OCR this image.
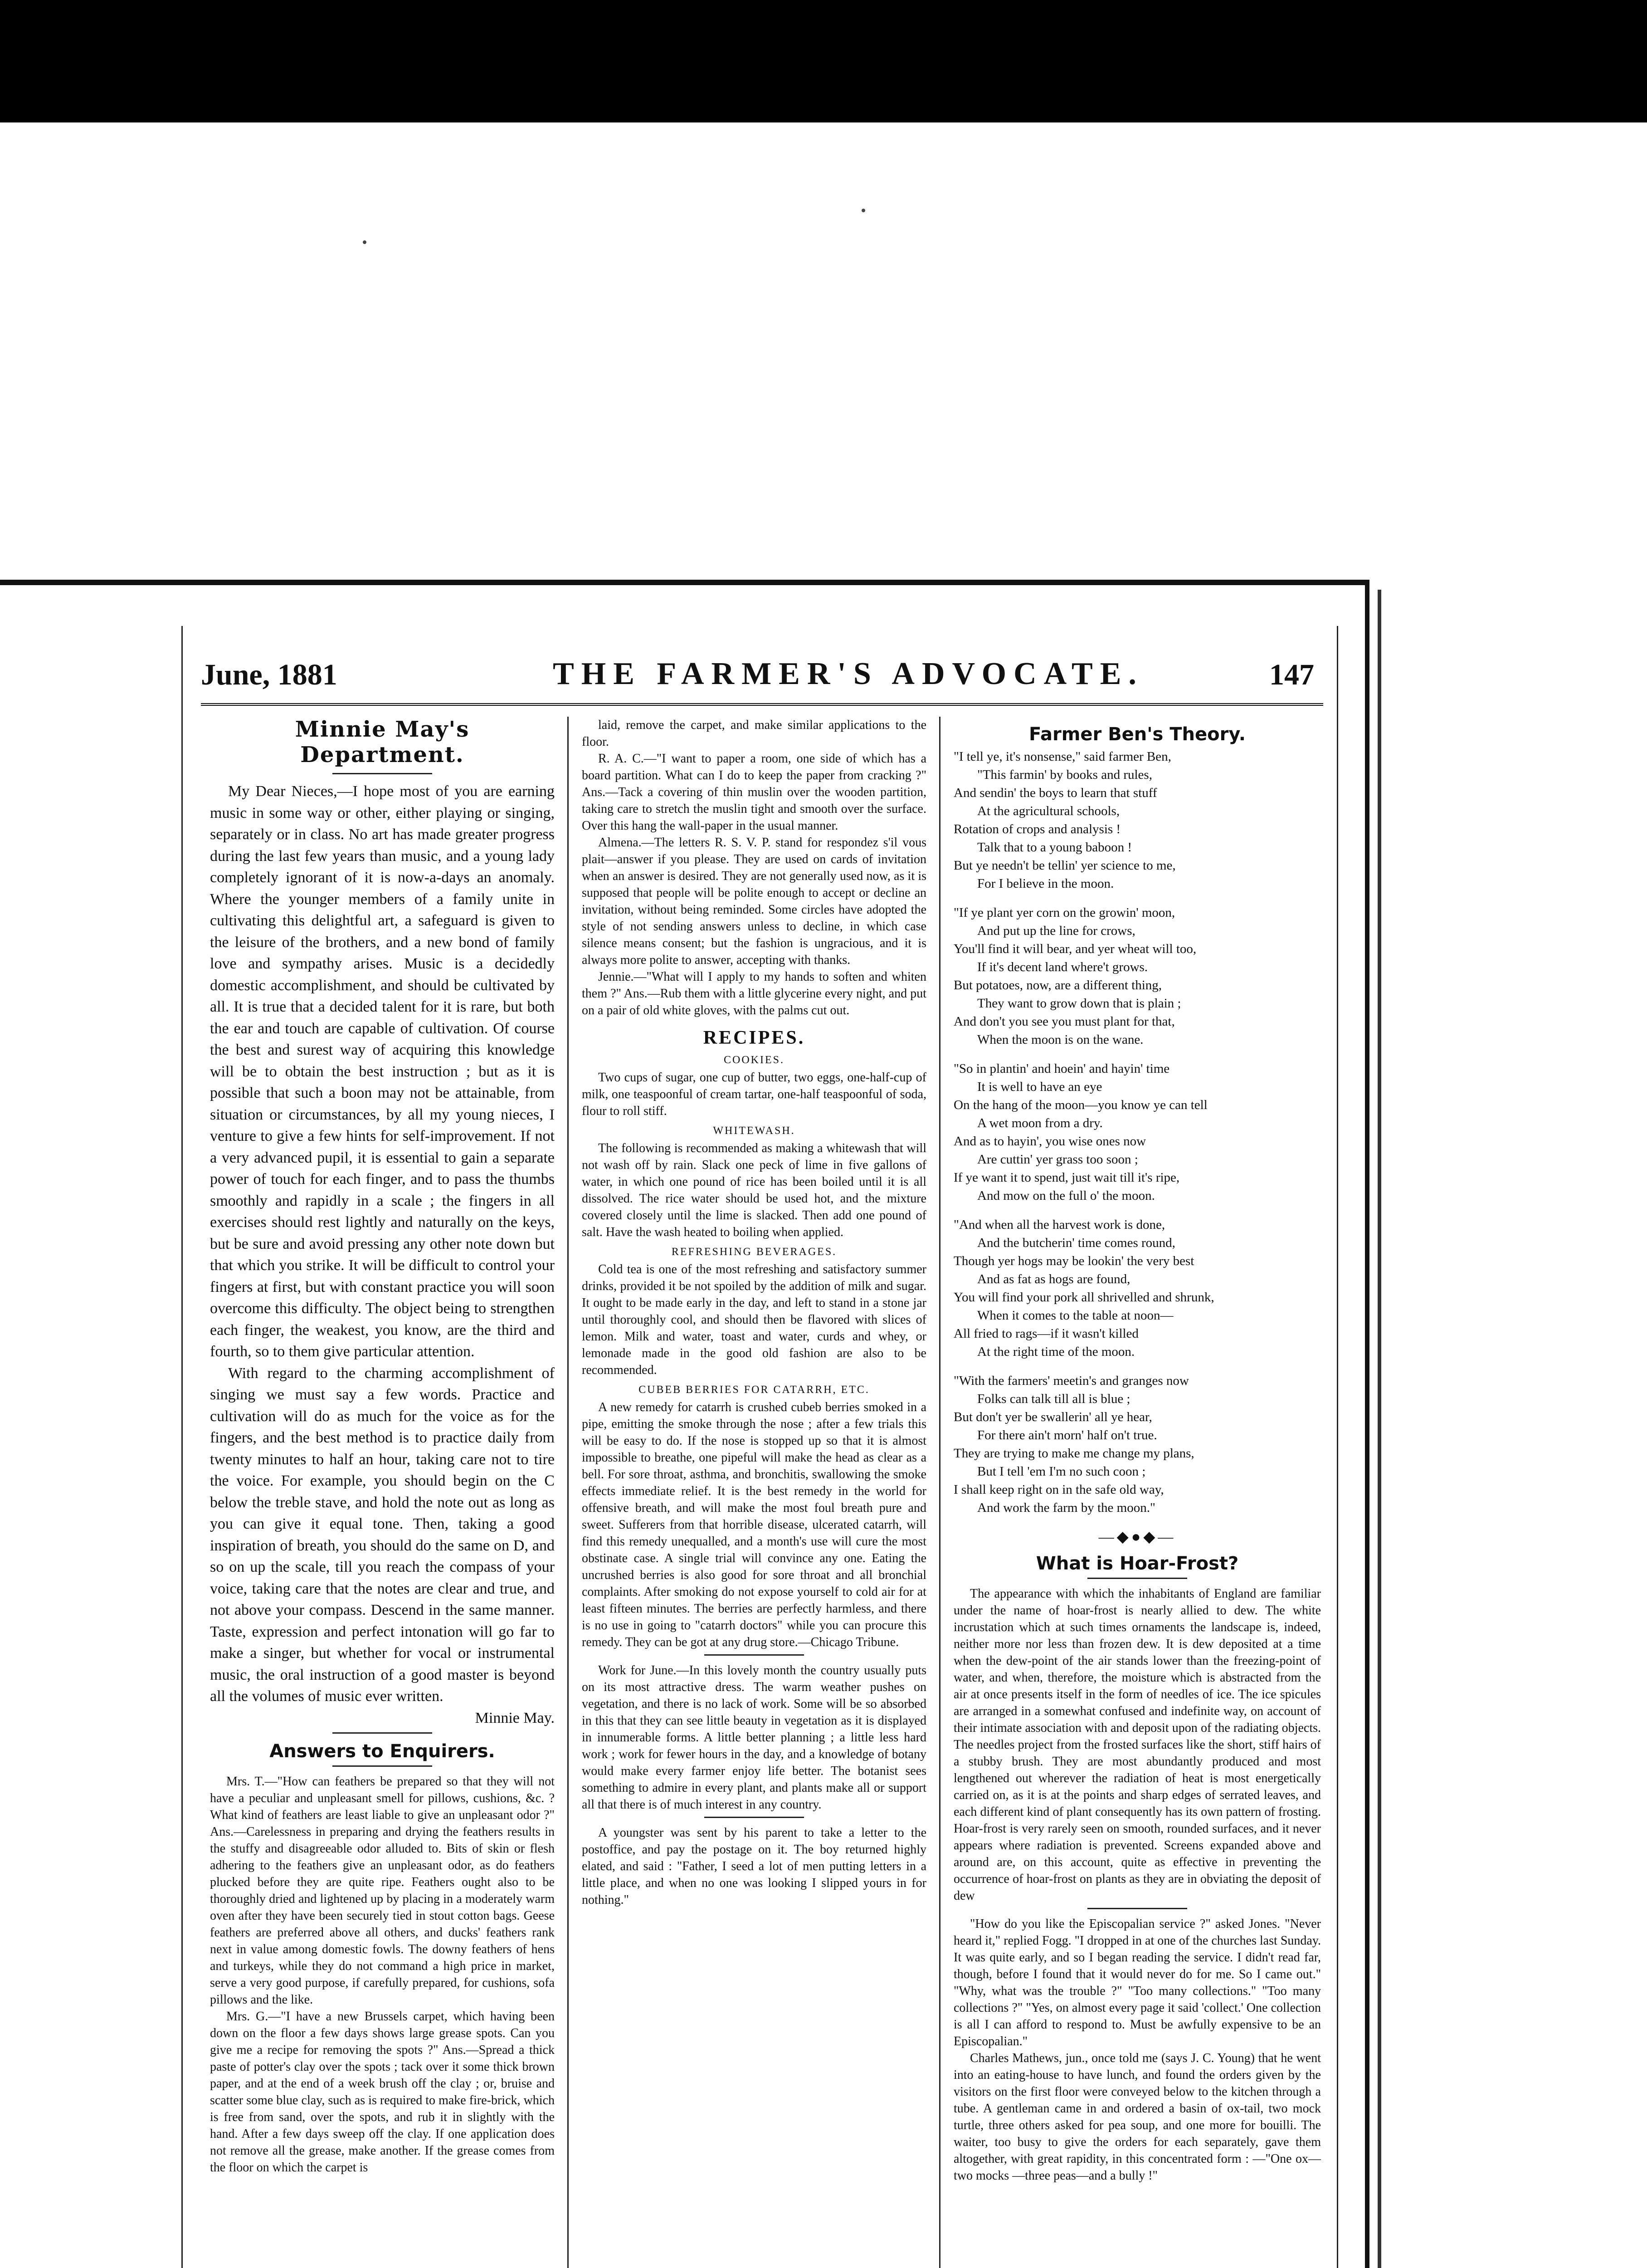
June, 1881	THE FARMER'S ADVOCATE.	147
Minnie May's Department.

My Dear Nieces,—I hope most of you are earning music in some way or other, either playing or singing, separately or in class. No art has made greater progress during the last few years than music, and a young lady completely ignorant of it is now-a-days an anomaly. Where the younger members of a family unite in cultivating this delightful art, a safeguard is given to the leisure of the brothers, and a new bond of family love and sympathy arises. Music is a decidedly domestic accomplishment, and should be cultivated by all. It is true that a decided talent for it is rare, but both the ear and touch are capable of cultivation. Of course the best and surest way of acquiring this knowledge will be to obtain the best instruction ; but as it is possible that such a boon may not be attainable, from situation or circumstances, by all my young nieces, I venture to give a few hints for self-improvement. If not a very advanced pupil, it is essential to gain a separate power of touch for each finger, and to pass the thumbs smoothly and rapidly in a scale ; the fingers in all exercises should rest lightly and naturally on the keys, but be sure and avoid pressing any other note down but that which you strike. It will be difficult to control your fingers at first, but with constant practice you will soon overcome this difficulty. The object being to strengthen each finger, the weakest, you know, are the third and fourth, so to them give particular attention.

With regard to the charming accomplishment of singing we must say a few words. Practice and cultivation will do as much for the voice as for the fingers, and the best method is to practice daily from twenty minutes to half an hour, taking care not to tire the voice. For example, you should begin on the C below the treble stave, and hold the note out as long as you can give it equal tone. Then, taking a good inspiration of breath, you should do the same on D, and so on up the scale, till you reach the compass of your voice, taking care that the notes are clear and true, and not above your compass. Descend in the same manner. Taste, expression and perfect intonation will go far to make a singer, but whether for vocal or instrumental music, the oral instruction of a good master is beyond all the volumes of music ever written.

Minnie May.

Answers to Enquirers.

Mrs. T.—"How can feathers be prepared so that they will not have a peculiar and unpleasant smell for pillows, cushions, &c. ? What kind of feathers are least liable to give an unpleasant odor ?" Ans.—Carelessness in preparing and drying the feathers results in the stuffy and disagreeable odor alluded to. Bits of skin or flesh adhering to the feathers give an unpleasant odor, as do feathers plucked before they are quite ripe. Feathers ought also to be thoroughly dried and lightened up by placing in a moderately warm oven after they have been securely tied in stout cotton bags. Geese feathers are preferred above all others, and ducks' feathers rank next in value among domestic fowls. The downy feathers of hens and turkeys, while they do not command a high price in market, serve a very good purpose, if carefully prepared, for cushions, sofa pillows and the like.

Mrs. G.—"I have a new Brussels carpet, which having been down on the floor a few days shows large grease spots. Can you give me a recipe for removing the spots ?" Ans.—Spread a thick paste of potter's clay over the spots ; tack over it some thick brown paper, and at the end of a week brush off the clay ; or, bruise and scatter some blue clay, such as is required to make fire-brick, which is free from sand, over the spots, and rub it in slightly with the hand. After a few days sweep off the clay. If one application does not remove all the grease, make another. If the grease comes from the floor on which the carpet is

laid, remove the carpet, and make similar applications to the floor.

R. A. C.—"I want to paper a room, one side of which has a board partition. What can I do to keep the paper from cracking ?" Ans.—Tack a covering of thin muslin over the wooden partition, taking care to stretch the muslin tight and smooth over the surface. Over this hang the wall-paper in the usual manner.

Almena.—The letters R. S. V. P. stand for respondez s'il vous plait—answer if you please. They are used on cards of invitation when an answer is desired. They are not generally used now, as it is supposed that people will be polite enough to accept or decline an invitation, without being reminded. Some circles have adopted the style of not sending answers unless to decline, in which case silence means consent; but the fashion is ungracious, and it is always more polite to answer, accepting with thanks.

Jennie.—"What will I apply to my hands to soften and whiten them ?" Ans.—Rub them with a little glycerine every night, and put on a pair of old white gloves, with the palms cut out.

RECIPES.
COOKIES.

Two cups of sugar, one cup of butter, two eggs, one-half-cup of milk, one teaspoonful of cream tartar, one-half teaspoonful of soda, flour to roll stiff.

WHITEWASH.

The following is recommended as making a whitewash that will not wash off by rain. Slack one peck of lime in five gallons of water, in which one pound of rice has been boiled until it is all dissolved. The rice water should be used hot, and the mixture covered closely until the lime is slacked. Then add one pound of salt. Have the wash heated to boiling when applied.

REFRESHING BEVERAGES.

Cold tea is one of the most refreshing and satisfactory summer drinks, provided it be not spoiled by the addition of milk and sugar. It ought to be made early in the day, and left to stand in a stone jar until thoroughly cool, and should then be flavored with slices of lemon. Milk and water, toast and water, curds and whey, or lemonade made in the good old fashion are also to be recommended.

CUBEB BERRIES FOR CATARRH, ETC.

A new remedy for catarrh is crushed cubeb berries smoked in a pipe, emitting the smoke through the nose ; after a few trials this will be easy to do. If the nose is stopped up so that it is almost impossible to breathe, one pipeful will make the head as clear as a bell. For sore throat, asthma, and bronchitis, swallowing the smoke effects immediate relief. It is the best remedy in the world for offensive breath, and will make the most foul breath pure and sweet. Sufferers from that horrible disease, ulcerated catarrh, will find this remedy unequalled, and a month's use will cure the most obstinate case. A single trial will convince any one. Eating the uncrushed berries is also good for sore throat and all bronchial complaints. After smoking do not expose yourself to cold air for at least fifteen minutes. The berries are perfectly harmless, and there is no use in going to "catarrh doctors" while you can procure this remedy. They can be got at any drug store.—Chicago Tribune.

Work for June.—In this lovely month the country usually puts on its most attractive dress. The warm weather pushes on vegetation, and there is no lack of work. Some will be so absorbed in this that they can see little beauty in vegetation as it is displayed in innumerable forms. A little better planning ; a little less hard work ; work for fewer hours in the day, and a knowledge of botany would make every farmer enjoy life better. The botanist sees something to admire in every plant, and plants make all or support all that there is of much interest in any country.

A youngster was sent by his parent to take a letter to the postoffice, and pay the postage on it. The boy returned highly elated, and said : "Father, I seed a lot of men putting letters in a little place, and when no one was looking I slipped yours in for nothing."

Farmer Ben's Theory.
"I tell ye, it's nonsense," said farmer Ben,
"This farmin' by books and rules,
And sendin' the boys to learn that stuff
At the agricultural schools,
Rotation of crops and analysis !
Talk that to a young baboon !
But ye needn't be tellin' yer science to me,
For I believe in the moon.
"If ye plant yer corn on the growin' moon,
And put up the line for crows,
You'll find it will bear, and yer wheat will too,
If it's decent land where't grows.
But potatoes, now, are a different thing,
They want to grow down that is plain ;
And don't you see you must plant for that,
When the moon is on the wane.
"So in plantin' and hoein' and hayin' time
It is well to have an eye
On the hang of the moon—you know ye can tell
A wet moon from a dry.
And as to hayin', you wise ones now
Are cuttin' yer grass too soon ;
If ye want it to spend, just wait till it's ripe,
And mow on the full o' the moon.
"And when all the harvest work is done,
And the butcherin' time comes round,
Though yer hogs may be lookin' the very best
And as fat as hogs are found,
You will find your pork all shrivelled and shrunk,
When it comes to the table at noon—
All fried to rags—if it wasn't killed
At the right time of the moon.
"With the farmers' meetin's and granges now
Folks can talk till all is blue ;
But don't yer be swallerin' all ye hear,
For there ain't morn' half on't true.
They are trying to make me change my plans,
But I tell 'em I'm no such coon ;
I shall keep right on in the safe old way,
And work the farm by the moon."
—◆●◆—
What is Hoar-Frost?

The appearance with which the inhabitants of England are familiar under the name of hoar-frost is nearly allied to dew. The white incrustation which at such times ornaments the landscape is, indeed, neither more nor less than frozen dew. It is dew deposited at a time when the dew-point of the air stands lower than the freezing-point of water, and when, therefore, the moisture which is abstracted from the air at once presents itself in the form of needles of ice. The ice spicules are arranged in a somewhat confused and indefinite way, on account of their intimate association with and deposit upon of the radiating objects. The needles project from the frosted surfaces like the short, stiff hairs of a stubby brush. They are most abundantly produced and most lengthened out wherever the radiation of heat is most energetically carried on, as it is at the points and sharp edges of serrated leaves, and each different kind of plant consequently has its own pattern of frosting. Hoar-frost is very rarely seen on smooth, rounded surfaces, and it never appears where radiation is prevented. Screens expanded above and around are, on this account, quite as effective in preventing the occurrence of hoar-frost on plants as they are in obviating the deposit of dew

"How do you like the Episcopalian service ?" asked Jones. "Never heard it," replied Fogg. "I dropped in at one of the churches last Sunday. It was quite early, and so I began reading the service. I didn't read far, though, before I found that it would never do for me. So I came out." "Why, what was the trouble ?" "Too many collections." "Too many collections ?" "Yes, on almost every page it said 'collect.' One collection is all I can afford to respond to. Must be awfully expensive to be an Episcopalian."

Charles Mathews, jun., once told me (says J. C. Young) that he went into an eating-house to have lunch, and found the orders given by the visitors on the first floor were conveyed below to the kitchen through a tube. A gentleman came in and ordered a basin of ox-tail, two mock turtle, three others asked for pea soup, and one more for bouilli. The waiter, too busy to give the orders for each separately, gave them altogether, with great rapidity, in this concentrated form : —"One ox—two mocks —three peas—and a bully !"
